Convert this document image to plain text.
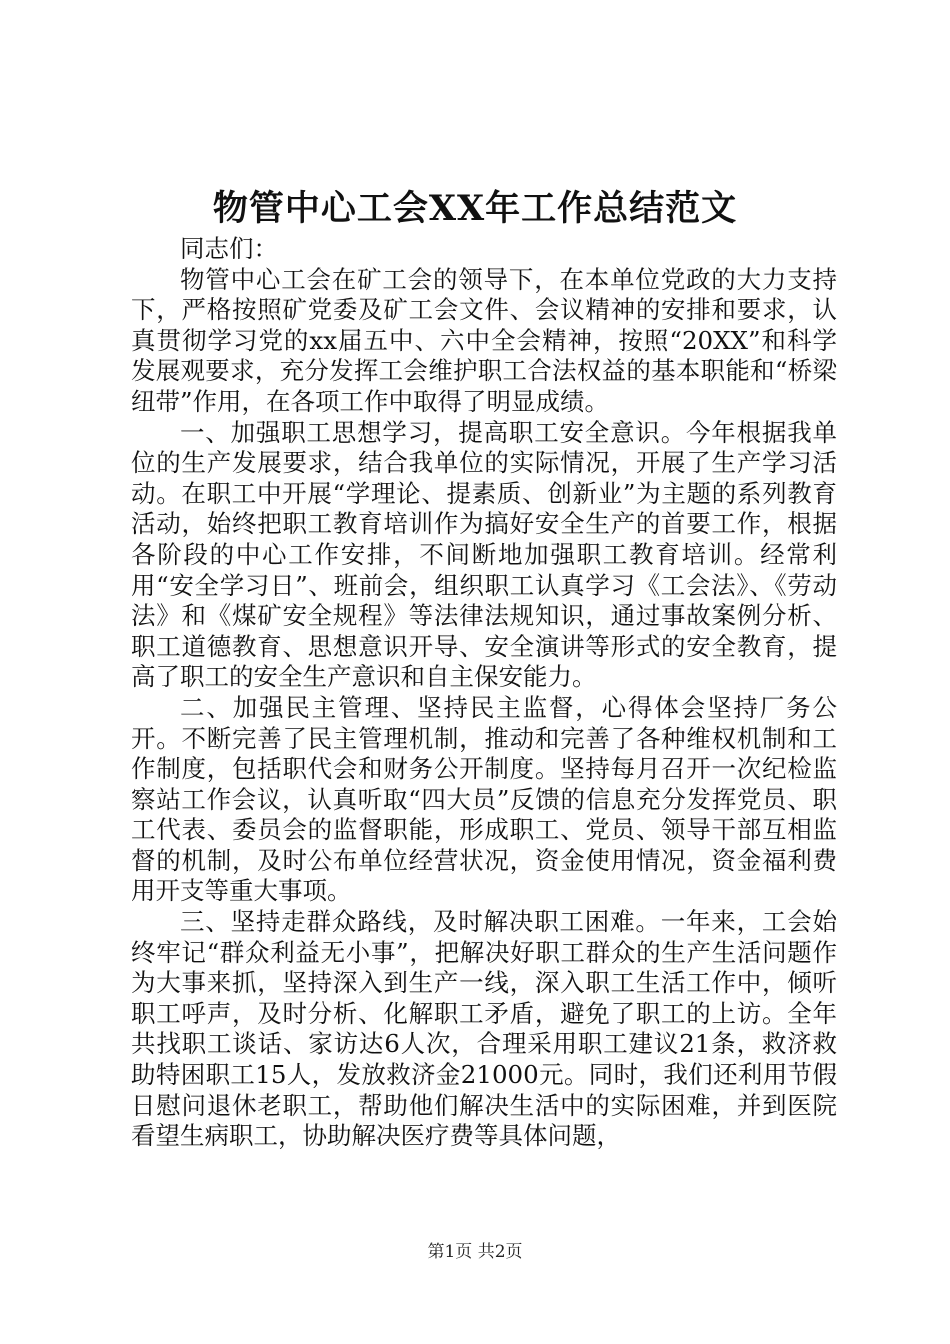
物管中心工会XX年工作总结范文

同志们：

物管中心工会在矿工会的领导下，在本单位党政的大力支持下，严格按照矿党委及矿工会文件、会议精神的安排和要求，认真贯彻学习党的xx届五中、六中全会精神，按照“20XX”和科学发展观要求，充分发挥工会维护职工合法权益的基本职能和“桥梁纽带”作用，在各项工作中取得了明显成绩。

一、加强职工思想学习，提高职工安全意识。今年根据我单位的生产发展要求，结合我单位的实际情况，开展了生产学习活动。在职工中开展“学理论、提素质、创新业”为主题的系列教育活动，始终把职工教育培训作为搞好安全生产的首要工作，根据各阶段的中心工作安排，不间断地加强职工教育培训。经常利用“安全学习日”、班前会，组织职工认真学习《工会法》、《劳动法》和《煤矿安全规程》等法律法规知识，通过事故案例分析、职工道德教育、思想意识开导、安全演讲等形式的安全教育，提高了职工的安全生产意识和自主保安能力。

二、加强民主管理、坚持民主监督，心得体会坚持厂务公开。不断完善了民主管理机制，推动和完善了各种维权机制和工作制度，包括职代会和财务公开制度。坚持每月召开一次纪检监察站工作会议，认真听取“四大员”反馈的信息充分发挥党员、职工代表、委员会的监督职能，形成职工、党员、领导干部互相监督的机制，及时公布单位经营状况，资金使用情况，资金福利费用开支等重大事项。

三、坚持走群众路线，及时解决职工困难。一年来，工会始终牢记“群众利益无小事”，把解决好职工群众的生产生活问题作为大事来抓，坚持深入到生产一线，深入职工生活工作中，倾听职工呼声，及时分析、化解职工矛盾，避免了职工的上访。全年共找职工谈话、家访达6人次，合理采用职工建议21条，救济救助特困职工15人，发放救济金21000元。同时，我们还利用节假日慰问退休老职工，帮助他们解决生活中的实际困难，并到医院看望生病职工，协助解决医疗费等具体问题，

第1页 共2页
